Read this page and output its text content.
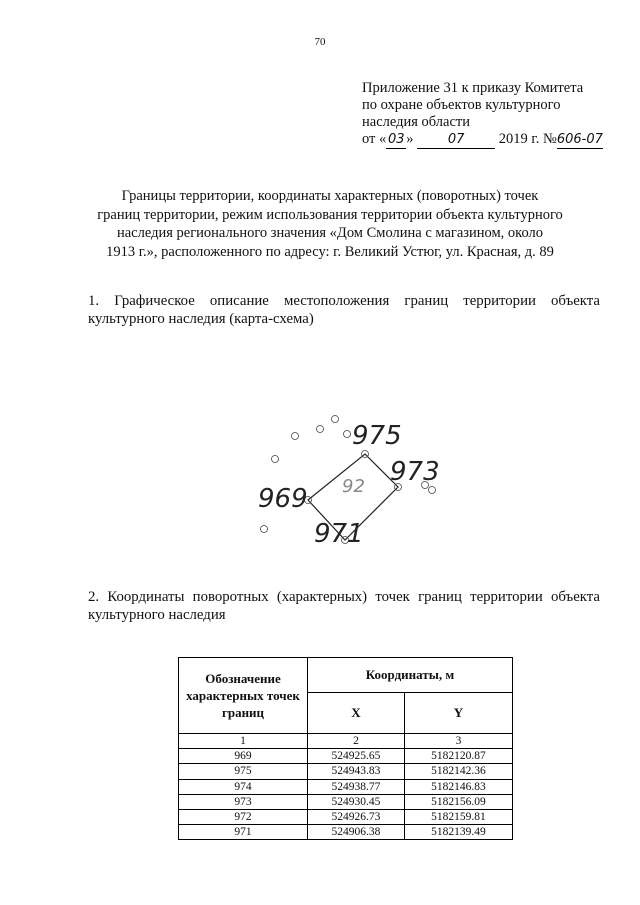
70
Приложение 31 к приказу Комитета
по охране объектов культурного
наследия области
от « 03 »	07 2019 г. №606-07
Границы территории, координаты характерных (поворотных) точек
границ территории, режим использования территории объекта культурного
наследия регионального значения «Дом Смолина с магазином, около
1913 г.», расположенного по адресу: г. Великий Устюг, ул. Красная, д. 89
1. Графическое описание местоположения границ территории объекта
культурного наследия (карта-схема)
975
973
969
971
92
2. Координаты поворотных (характерных) точек границ территории объекта
культурного наследия
Обозначение характерных точек границ	Координаты, м	
	X	Y
1	2	3
969	524925.65	5182120.87
975	524943.83	5182142.36
974	524938.77	5182146.83
973	524930.45	5182156.09
972	524926.73	5182159.81
971	524906.38	5182139.49
